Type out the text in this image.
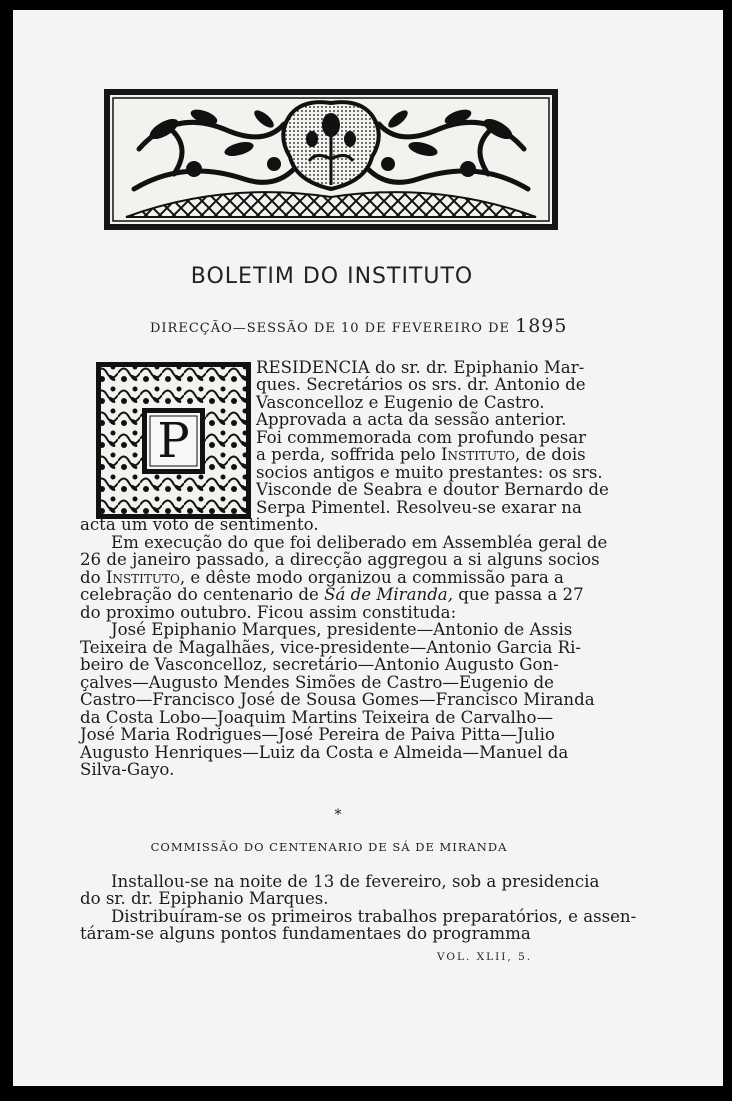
BOLETIM DO INSTITUTO
DIRECÇÃO—SESSÃO DE 10 DE FEVEREIRO DE 1895
P
RESIDENCIA do sr. dr. Epiphanio Mar-
ques. Secretários os srs. dr. Antonio de
Vasconcelloz e Eugenio de Castro.
Approvada a acta da sessão anterior.
Foi commemorada com profundo pesar
a perda, soffrida pelo Instituto, de dois
socios antigos e muito prestantes: os srs.
Visconde de Seabra e doutor Bernardo de
Serpa Pimentel. Resolveu-se exarar na
acta um voto de sentimento.
Em execução do que foi deliberado em Assembléa geral de
26 de janeiro passado, a direcção aggregou a si alguns socios
do Instituto, e dêste modo organizou a commissão para a
celebração do centenario de Sá de Miranda, que passa a 27
do proximo outubro. Ficou assim constituda:
José Epiphanio Marques, presidente—Antonio de Assis
Teixeira de Magalhães, vice-presidente—Antonio Garcia Ri-
beiro de Vasconcelloz, secretário—Antonio Augusto Gon-
çalves—Augusto Mendes Simões de Castro—Eugenio de
Castro—Francisco José de Sousa Gomes—Francisco Miranda
da Costa Lobo—Joaquim Martins Teixeira de Carvalho—
José Maria Rodrigues—José Pereira de Paiva Pitta—Julio
Augusto Henriques—Luiz da Costa e Almeida—Manuel da
Silva-Gayo.
*
COMMISSÃO DO CENTENARIO DE SÁ DE MIRANDA
Installou-se na noite de 13 de fevereiro, sob a presidencia
do sr. dr. Epiphanio Marques.
Distribuíram-se os primeiros trabalhos preparatórios, e assen-
táram-se alguns pontos fundamentaes do programma
VOL. XLII, 5.
